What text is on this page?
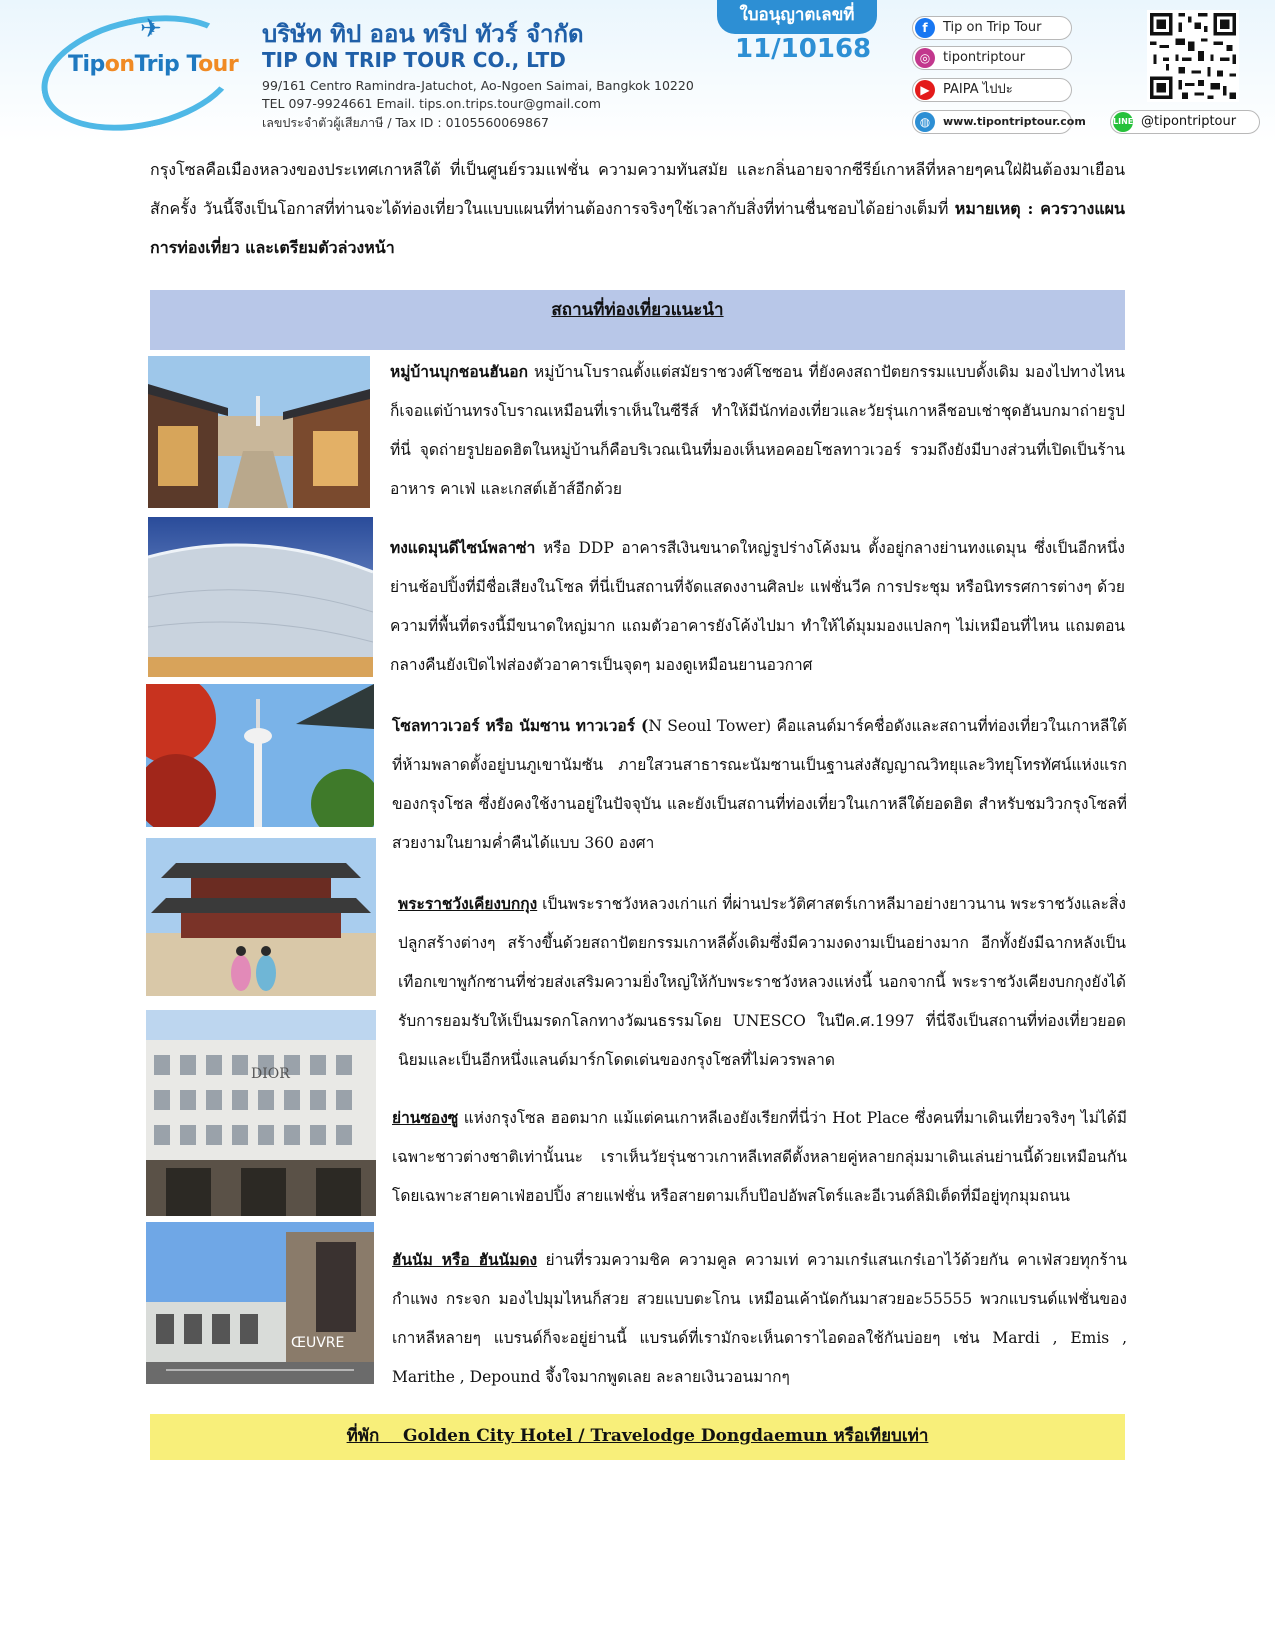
✈
TiponTrip Tour
บริษัท ทิป ออน ทริป ทัวร์ จำกัด
TIP ON TRIP TOUR CO., LTD
99/161 Centro Ramindra-Jatuchot, Ao-Ngoen Saimai, Bangkok 10220
TEL 097-9924661 Email. tips.on.trips.tour@gmail.com
เลขประจำตัวผู้เสียภาษี / Tax ID : 0105560069867
ใบอนุญาตเลขที่
11/10168
f	Tip on Trip Tour
◎ tipontriptour
▶	PAIPA ไปปะ
◍	www.tipontriptour.com	LINE @tipontriptour
กรุงโซลคือเมืองหลวงของประเทศเกาหลีใต้ ที่เป็นศูนย์รวมแฟชั่น ความความทันสมัย และกลิ่นอายจากซีรีย์เกาหลีที่หลายๆคนใฝ่ฝันต้องมาเยือนสักครั้ง วันนี้จึงเป็นโอกาสที่ท่านจะได้ท่องเที่ยวในแบบแผนที่ท่านต้องการจริงๆใช้เวลากับสิ่งที่ท่านชื่นชอบได้อย่างเต็มที่ หมายเหตุ : ควรวางแผนการท่องเที่ยว และเตรียมตัวล่วงหน้า
สถานที่ท่องเที่ยวแนะนำ
หมู่บ้านบุกชอนฮันอก หมู่บ้านโบราณตั้งแต่สมัยราชวงศ์โชซอน ที่ยังคงสถาปัตยกรรมแบบดั้งเดิม มองไปทางไหนก็เจอแต่บ้านทรงโบราณเหมือนที่เราเห็นในซีรีส์ ทำให้มีนักท่องเที่ยวและวัยรุ่นเกาหลีชอบเช่าชุดฮันบกมาถ่ายรูปที่นี่ จุดถ่ายรูปยอดฮิตในหมู่บ้านก็คือบริเวณเนินที่มองเห็นหอคอยโซลทาวเวอร์ รวมถึงยังมีบางส่วนที่เปิดเป็นร้านอาหาร คาเฟ่ และเกสต์เฮ้าส์อีกด้วย
ทงแดมุนดีไซน์พลาซ่า หรือ DDP อาคารสีเงินขนาดใหญ่รูปร่างโค้งมน ตั้งอยู่กลางย่านทงแดมุน ซึ่งเป็นอีกหนึ่งย่านช้อปปิ้งที่มีชื่อเสียงในโซล ที่นี่เป็นสถานที่จัดแสดงงานศิลปะ แฟชั่นวีค การประชุม หรือนิทรรศการต่างๆ ด้วยความที่พื้นที่ตรงนี้มีขนาดใหญ่มาก แถมตัวอาคารยังโค้งไปมา ทำให้ได้มุมมองแปลกๆ ไม่เหมือนที่ไหน แถมตอนกลางคืนยังเปิดไฟส่องตัวอาคารเป็นจุดๆ มองดูเหมือนยานอวกาศ
โซลทาวเวอร์ หรือ นัมซาน ทาวเวอร์ (N Seoul Tower) คือแลนด์มาร์คชื่อดังและสถานที่ท่องเที่ยวในเกาหลีใต้ที่ห้ามพลาดตั้งอยู่บนภูเขานัมซัน ภายใสวนสาธารณะนัมซานเป็นฐานส่งสัญญาณวิทยุและวิทยุโทรทัศน์แห่งแรกของกรุงโซล ซึ่งยังคงใช้งานอยู่ในปัจจุบัน และยังเป็นสถานที่ท่องเที่ยวในเกาหลีใต้ยอดฮิต สำหรับชมวิวกรุงโซลที่สวยงามในยามค่ำคืนได้แบบ 360 องศา
พระราชวังเคียงบกกุง เป็นพระราชวังหลวงเก่าแก่ ที่ผ่านประวัติศาสตร์เกาหลีมาอย่างยาวนาน พระราชวังและสิ่งปลูกสร้างต่างๆ สร้างขึ้นด้วยสถาปัตยกรรมเกาหลีดั้งเดิมซึ่งมีความงดงามเป็นอย่างมาก อีกทั้งยังมีฉากหลังเป็นเทือกเขาพูกักซานที่ช่วยส่งเสริมความยิ่งใหญ่ให้กับพระราชวังหลวงแห่งนี้ นอกจากนี้ พระราชวังเคียงบกกุงยังได้รับการยอมรับให้เป็นมรดกโลกทางวัฒนธรรมโดย UNESCO ในปีค.ศ.1997 ที่นี่จึงเป็นสถานที่ท่องเที่ยวยอดนิยมและเป็นอีกหนึ่งแลนด์มาร์กโดดเด่นของกรุงโซลที่ไม่ควรพลาด
DIOR
ย่านซองซู แห่งกรุงโซล ฮอตมาก แม้แต่คนเกาหลีเองยังเรียกที่นี่ว่า Hot Place ซึ่งคนที่มาเดินเที่ยวจริงๆ ไม่ได้มีเฉพาะชาวต่างชาติเท่านั้นนะ เราเห็นวัยรุ่นชาวเกาหลีเทสดีตั้งหลายคู่หลายกลุ่มมาเดินเล่นย่านนี้ด้วยเหมือนกัน โดยเฉพาะสายคาเฟ่ฮอปปิ้ง สายแฟชั่น หรือสายตามเก็บป๊อปอัพสโตร์และอีเวนต์ลิมิเต็ดที่มีอยู่ทุกมุมถนน
ŒUVRE
ฮันนัม หรือ ฮันนัมดง ย่านที่รวมความชิค ความคูล ความเท่ ความเกร๋แสนเกร๋เอาไว้ด้วยกัน คาเฟ่สวยทุกร้าน กำแพง กระจก มองไปมุมไหนก็สวย สวยแบบตะโกน เหมือนเค้านัดกันมาสวยอะ55555 พวกแบรนด์แฟชั่นของเกาหลีหลายๆ แบรนด์ก็จะอยู่ย่านนี้ แบรนด์ที่เรามักจะเห็นดาราไอดอลใช้กันบ่อยๆ เช่น Mardi , Emis , Marithe , Depound จึ้งใจมากพูดเลย ละลายเงินวอนมากๆ
ที่พัก    Golden City Hotel / Travelodge Dongdaemun หรือเทียบเท่า
